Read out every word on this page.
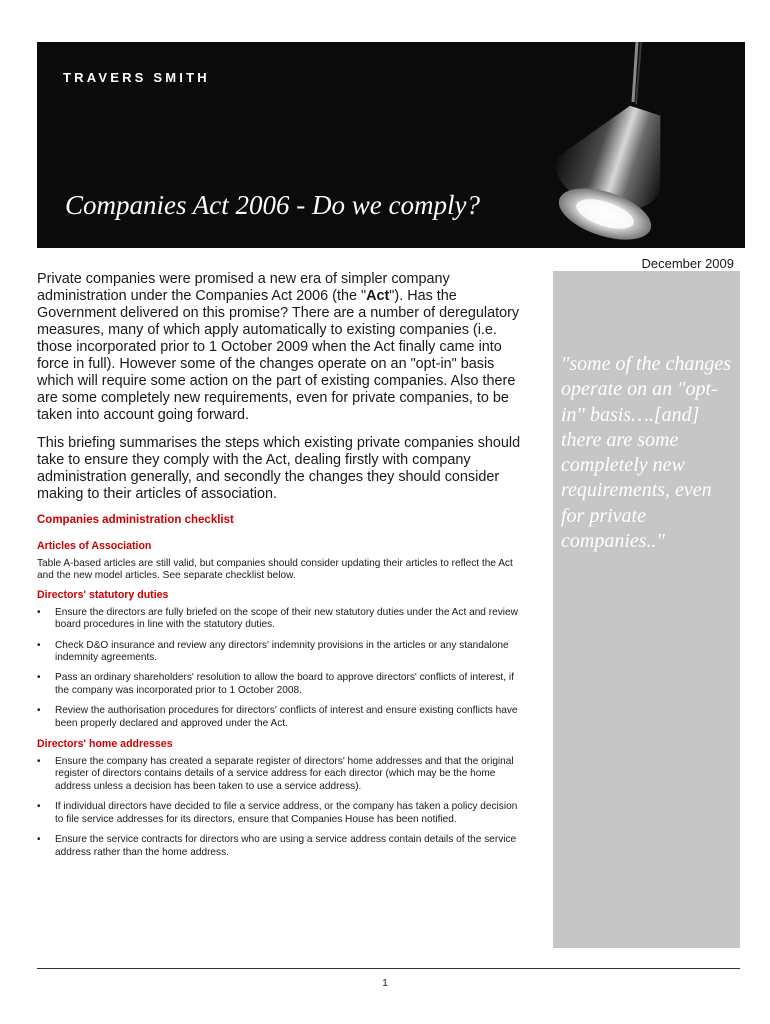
TRAVERS SMITH
Companies Act 2006 - Do we comply?
December 2009
"some of the changes operate on an "opt-in" basis….[and] there are some completely new requirements, even for private companies.."

Private companies were promised a new era of simpler company administration under the Companies Act 2006 (the "Act"). Has the Government delivered on this promise? There are a number of deregulatory measures, many of which apply automatically to existing companies (i.e. those incorporated prior to 1 October 2009 when the Act finally came into force in full). However some of the changes operate on an "opt-in" basis which will require some action on the part of existing companies. Also there are some completely new requirements, even for private companies, to be taken into account going forward.

This briefing summarises the steps which existing private companies should take to ensure they comply with the Act, dealing firstly with company administration generally, and secondly the changes they should consider making to their articles of association.

Companies administration checklist
Articles of Association

Table A-based articles are still valid, but companies should consider updating their articles to reflect the Act and the new model articles. See separate checklist below.

Directors' statutory duties
• Ensure the directors are fully briefed on the scope of their new statutory duties under the Act and review board procedures in line with the statutory duties.
• Check D&O insurance and review any directors' indemnity provisions in the articles or any standalone indemnity agreements.
• Pass an ordinary shareholders' resolution to allow the board to approve directors' conflicts of interest, if the company was incorporated prior to 1 October 2008.
• Review the authorisation procedures for directors' conflicts of interest and ensure existing conflicts have been properly declared and approved under the Act.
Directors' home addresses
• Ensure the company has created a separate register of directors' home addresses and that the original register of directors contains details of a service address for each director (which may be the home address unless a decision has been taken to use a service address).
• If individual directors have decided to file a service address, or the company has taken a policy decision to file service addresses for its directors, ensure that Companies House has been notified.
• Ensure the service contracts for directors who are using a service address contain details of the service address rather than the home address.
1
